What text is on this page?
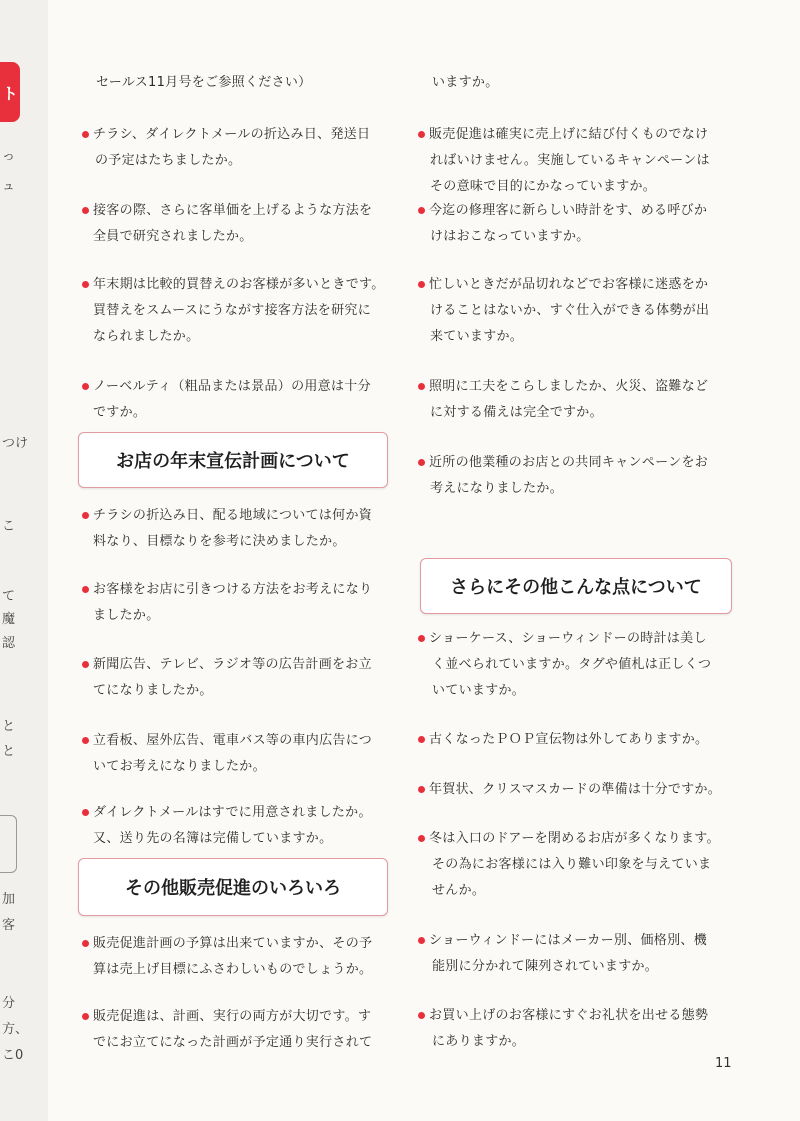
ト
っ
ュ
つけ
こ
て
魔
認
と
と
加
客
分
方、
こ0
セールス11月号をご参照ください）
チラシ、ダイレクトメールの折込み日、発送日
の予定はたちましたか。
接客の際、さらに客単価を上げるような方法を
全員で研究されましたか。
年末期は比較的買替えのお客様が多いときです。
買替えをスムースにうながす接客方法を研究に
なられましたか。
ノーベルティ（粗品または景品）の用意は十分
ですか。
お店の年末宣伝計画について
チラシの折込み日、配る地域については何か資
料なり、目標なりを参考に決めましたか。
お客様をお店に引きつける方法をお考えになり
ましたか。
新聞広告、テレビ、ラジオ等の広告計画をお立
てになりましたか。
立看板、屋外広告、電車バス等の車内広告につ
いてお考えになりましたか。
ダイレクトメールはすでに用意されましたか。
又、送り先の名簿は完備していますか。
その他販売促進のいろいろ
販売促進計画の予算は出来ていますか、その予
算は売上げ目標にふさわしいものでしょうか。
販売促進は、計画、実行の両方が大切です。す
でにお立てになった計画が予定通り実行されて
いますか。
販売促進は確実に売上げに結び付くものでなけ
ればいけません。実施しているキャンペーンは
その意味で目的にかなっていますか。
今迄の修理客に新らしい時計をす、める呼びか
けはおこなっていますか。
忙しいときだが品切れなどでお客様に迷惑をか
けることはないか、すぐ仕入ができる体勢が出
来ていますか。
照明に工夫をこらしましたか、火災、盗難など
に対する備えは完全ですか。
近所の他業種のお店との共同キャンペーンをお
考えになりましたか。
さらにその他こんな点について
ショーケース、ショーウィンドーの時計は美し
く並べられていますか。タグや値札は正しくつ
いていますか。
古くなったＰＯＰ宣伝物は外してありますか。
年賀状、クリスマスカードの準備は十分ですか。
冬は入口のドアーを閉めるお店が多くなります。
その為にお客様には入り難い印象を与えていま
せんか。
ショーウィンドーにはメーカー別、価格別、機
能別に分かれて陳列されていますか。
お買い上げのお客様にすぐお礼状を出せる態勢
にありますか。
11
